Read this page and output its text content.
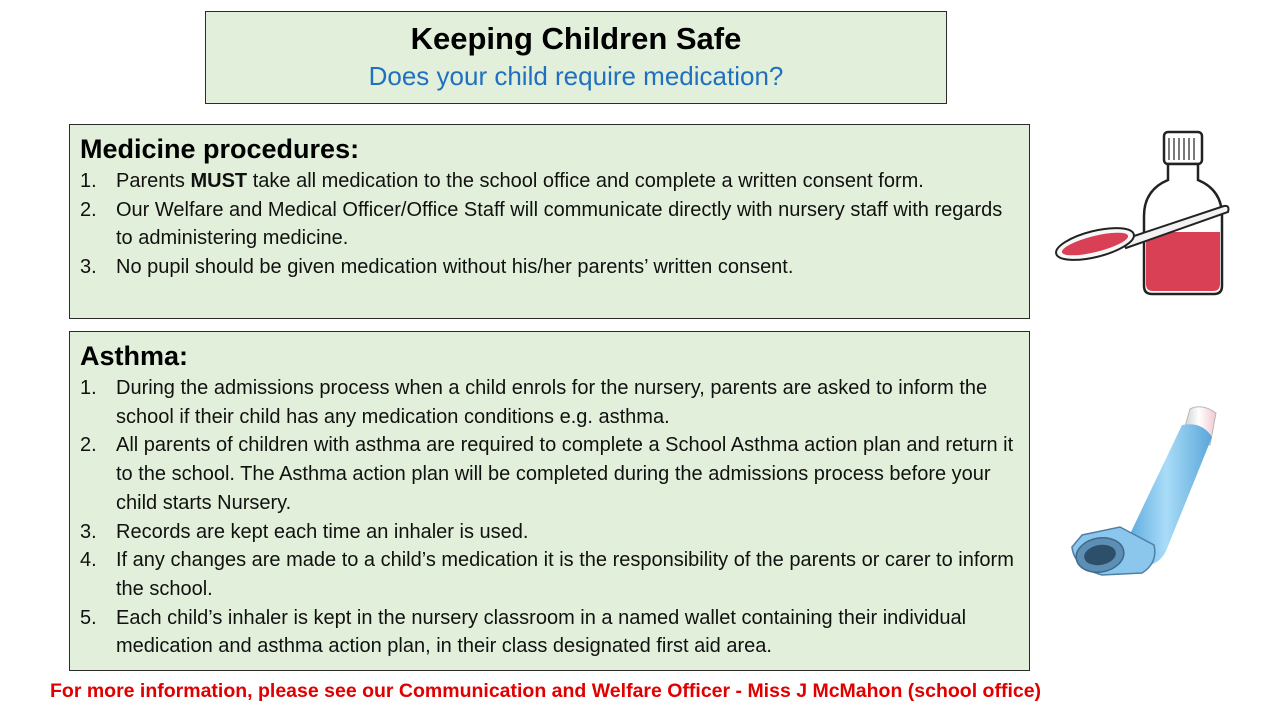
Keeping Children Safe
Does your child require medication?
Medicine procedures:
1. Parents MUST take all medication to the school office and complete a written consent form.
2. Our Welfare and Medical Officer/Office Staff will communicate directly with nursery staff with regards to administering medicine.
3. No pupil should be given medication without his/her parents’ written consent.
Asthma:
1. During the admissions process when a child enrols for the nursery, parents are asked to inform the school if their child has any medication conditions e.g. asthma.
2. All parents of children with asthma are required to complete a School Asthma action plan and return it to the school. The Asthma action plan will be completed during the admissions process before your child starts Nursery.
3. Records are kept each time an inhaler is used.
4. If any changes are made to a child’s medication it is the responsibility of the parents or carer to inform the school.
5. Each child’s inhaler is kept in the nursery classroom in a named wallet containing their individual medication and asthma action plan, in their class designated first aid area.
For more information, please see our Communication and Welfare Officer - Miss J McMahon (school office)
